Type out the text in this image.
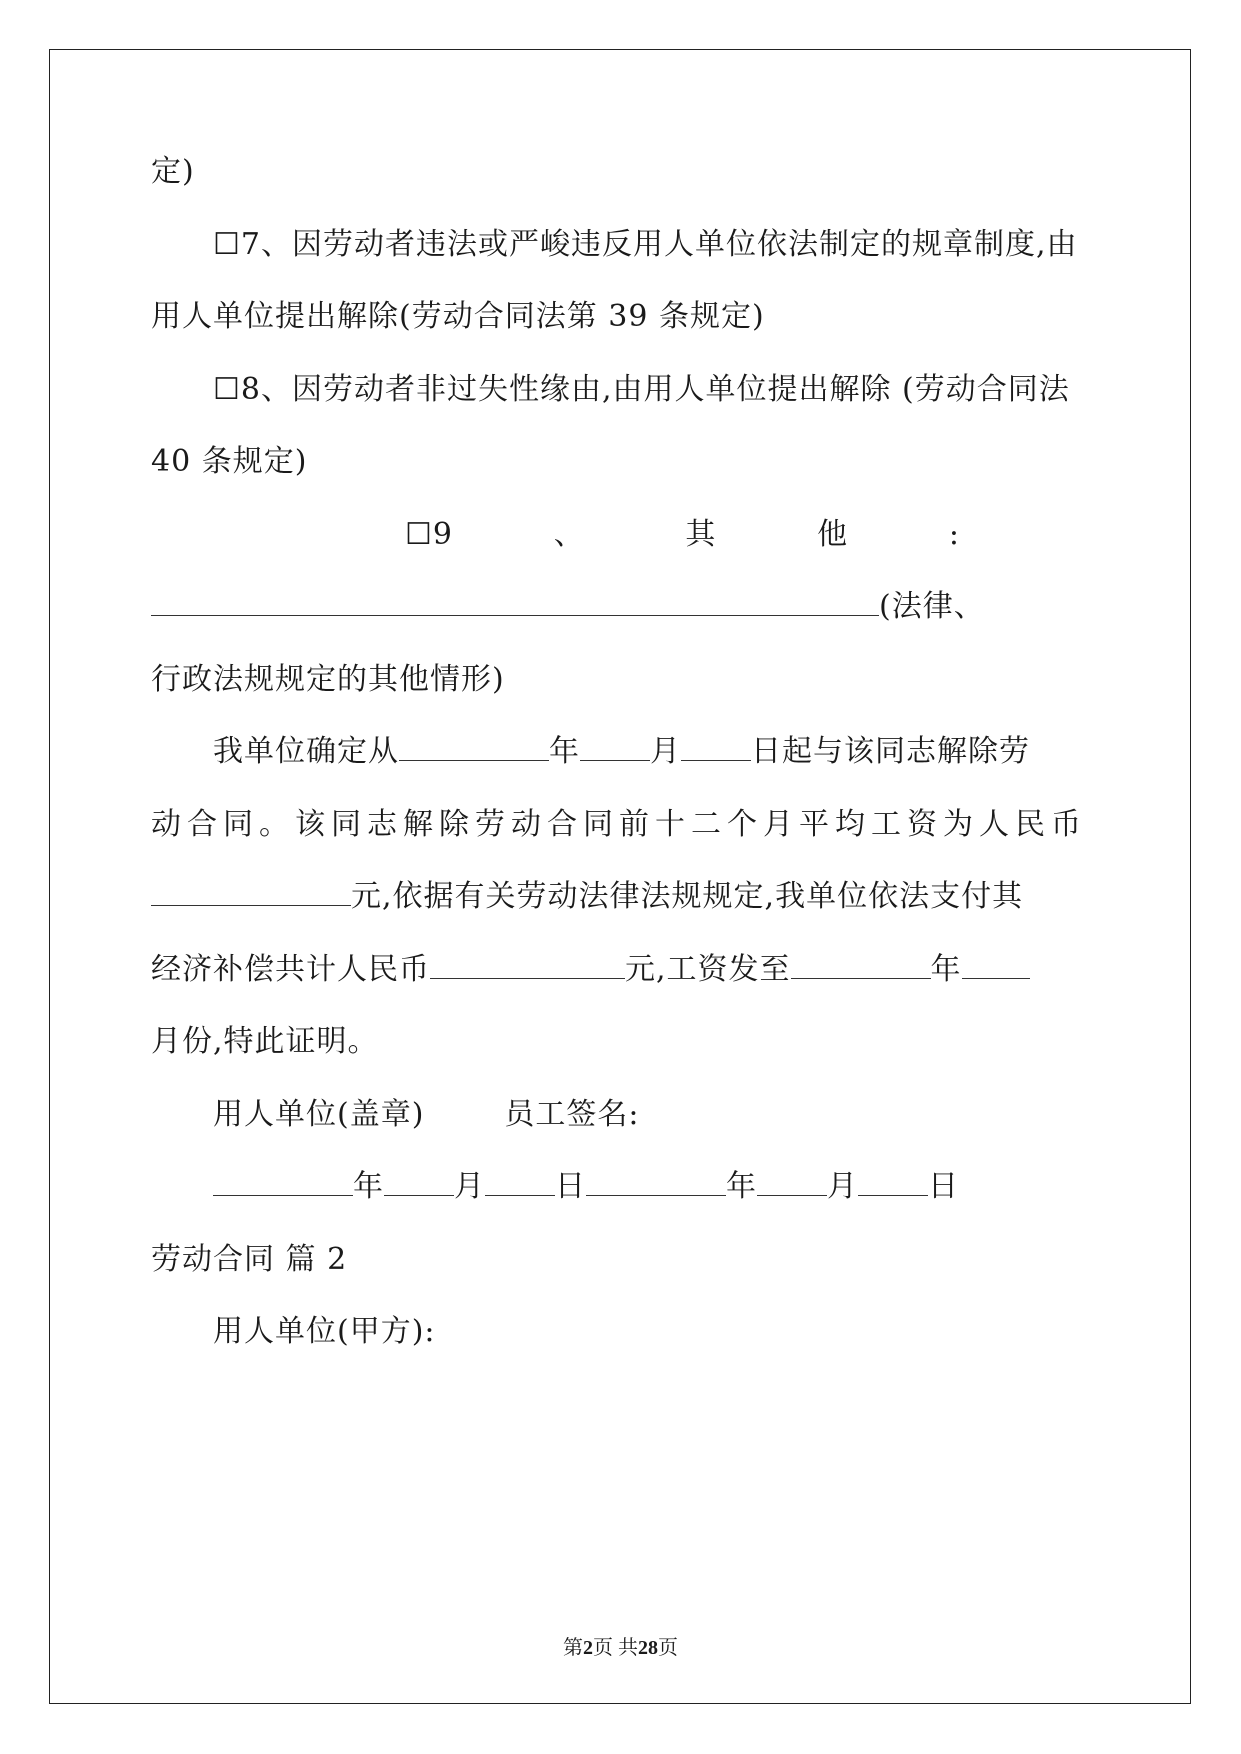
定)
☐7、因劳动者违法或严峻违反用人单位依法制定的规章制度,由
用人单位提出解除(劳动合同法第 39 条规定)
☐8、因劳动者非过失性缘由,由用人单位提出解除 (劳动合同法
40 条规定)
☐9	、	其	他	:
(法律、
行政法规规定的其他情形)
我单位确定从	年 月 日起与该同志解除劳
动合同。该同志解除劳动合同前十二个月平均工资为人民币
元,依据有关劳动法律法规规定,我单位依法支付其
经济补偿共计人民币	元,工资发至	年
月份,特此证明。
用人单位(盖章)	员工签名:
年 月 日	年 月 日
劳动合同 篇 2
用人单位(甲方):
第2页 共28页
